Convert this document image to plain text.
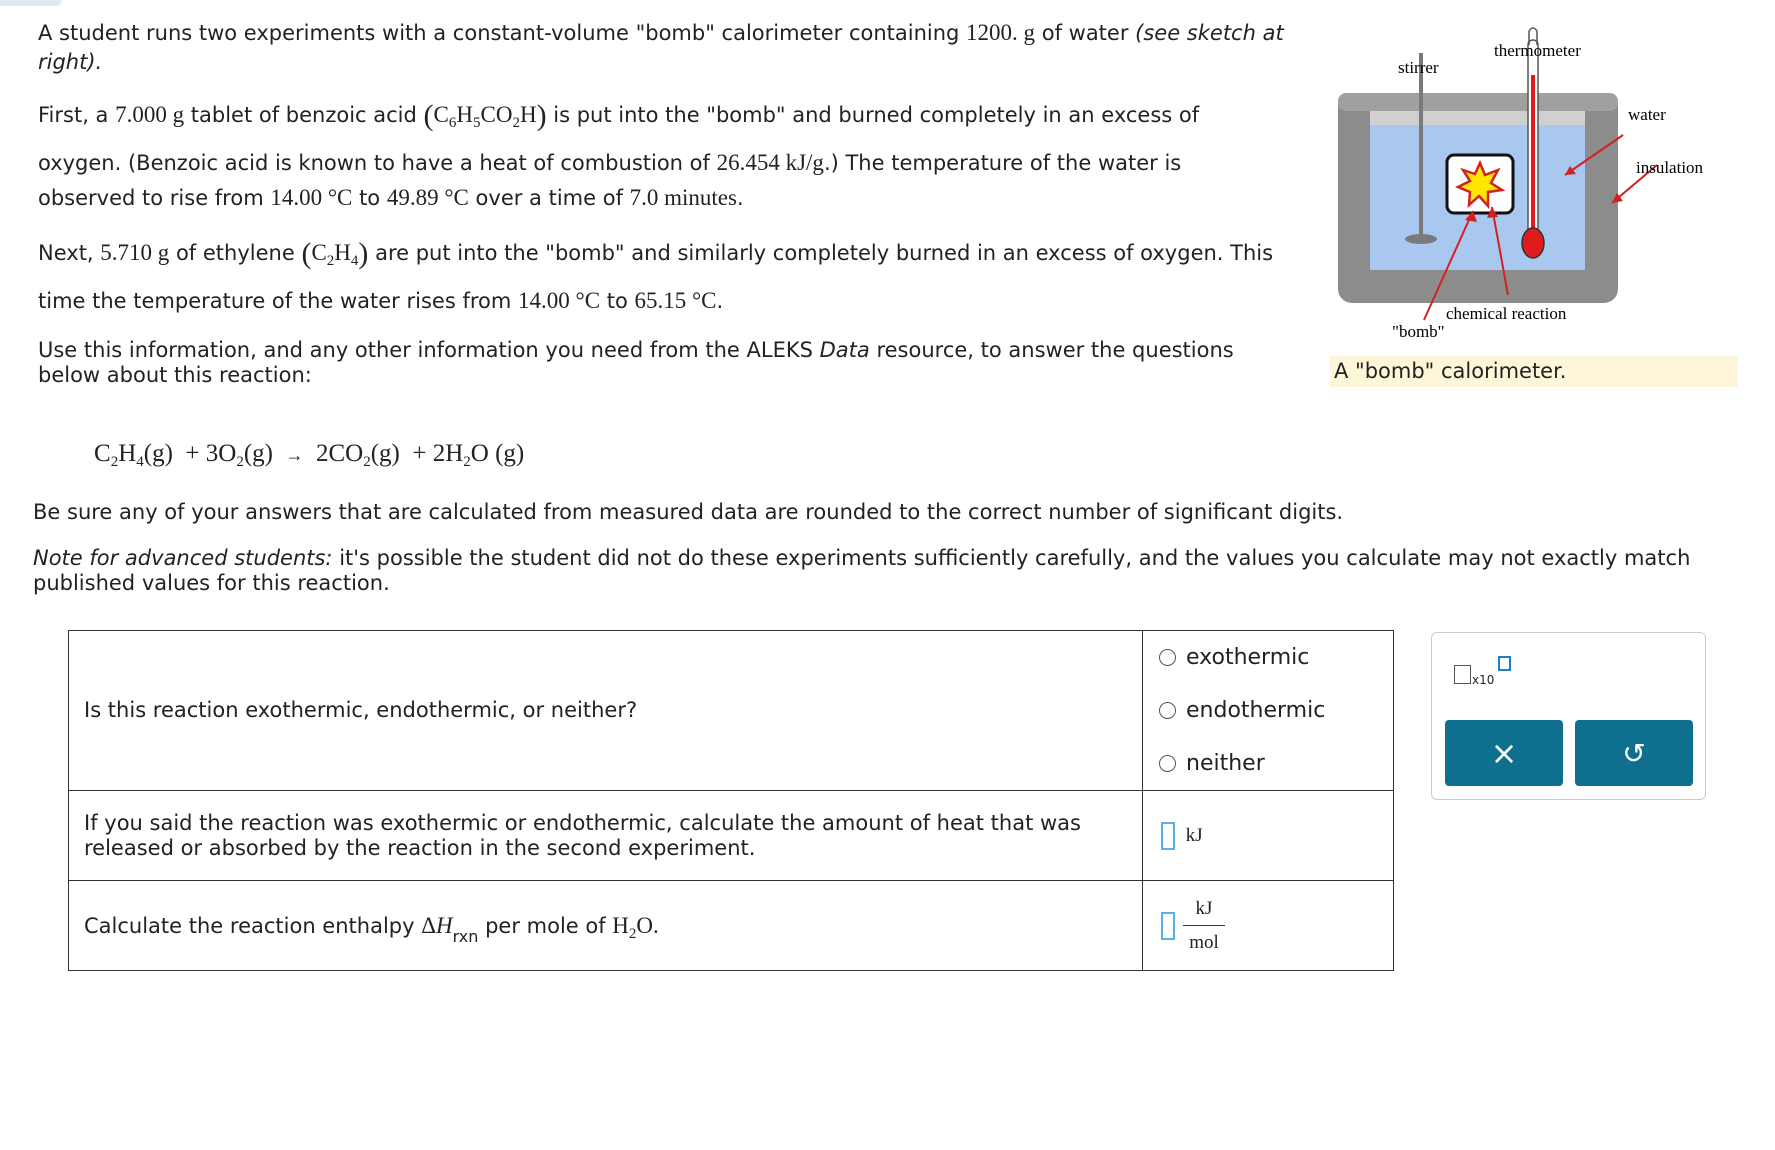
A student runs two experiments with a constant-volume "bomb" calorimeter containing 1200. g of water (see sketch at
right).
First, a 7.000 g tablet of benzoic acid $(C_6H_5CO_2H)$ is put into the "bomb" and burned completely in an excess of
oxygen. (Benzoic acid is known to have a heat of combustion of 26.454 kJ/g.) The temperature of the water is
observed to rise from 14.00 °C to 49.89 °C over a time of 7.0 minutes.
Next, 5.710 g of ethylene $(C_2H_4)$ are put into the "bomb" and similarly completely burned in an excess of oxygen. This
time the temperature of the water rises from 14.00 °C to 65.15 °C.
Use this information, and any other information you need from the ALEKS Data resource, to answer the questions
below about this reaction:
stirrer
thermometer
water
insulation
chemical reaction
"bomb"
A "bomb" calorimeter.
$C_2H_4(g) + 3O_2(g) \to 2CO_2(g) + 2H_2O$ (g)
Be sure any of your answers that are calculated from measured data are rounded to the correct number of significant digits.
Note for advanced students: it's possible the student did not do these experiments sufficiently carefully, and the values you calculate may not exactly match
published values for this reaction.
Is this reaction exothermic, endothermic, or neither?	exothermic
endothermic
neither

If you said the reaction was exothermic or endothermic, calculate the amount of heat that was released or absorbed by the reaction in the second experiment.	kJ
Calculate the reaction enthalpy $\Delta H_{rxn}$ per mole of $H_2O$.	kJ
mol
x10
×	↺
